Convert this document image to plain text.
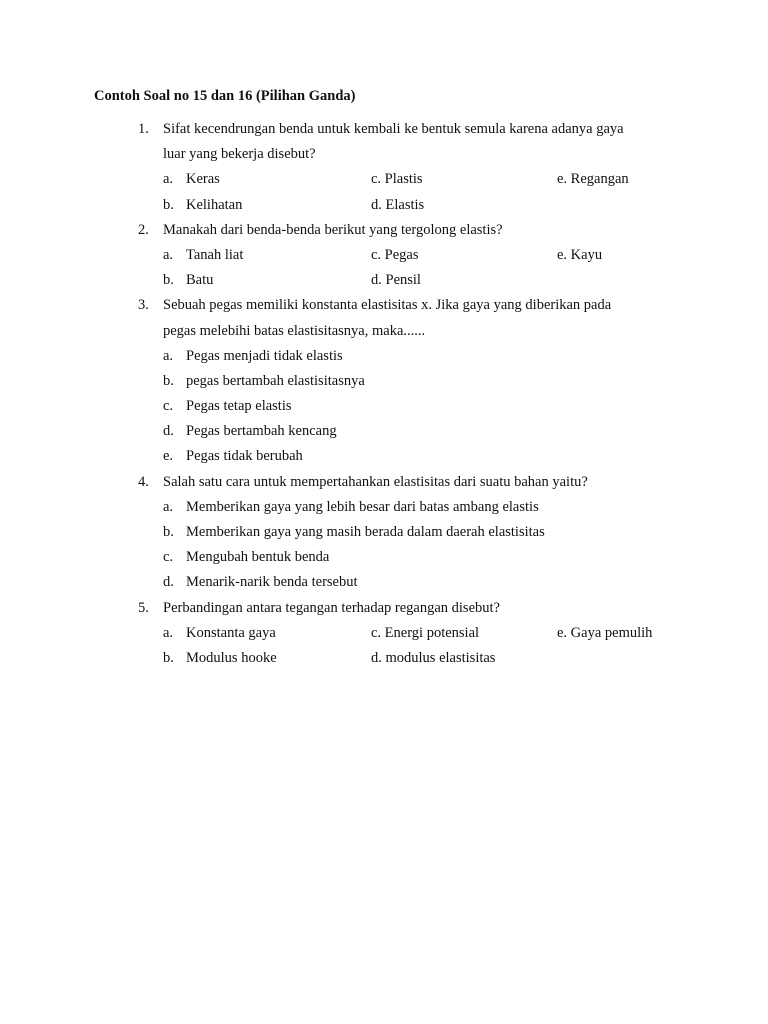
Contoh Soal no 15 dan 16 (Pilihan Ganda)
1. Sifat kecendrungan benda untuk kembali ke bentuk semula karena adanya gaya
luar yang bekerja disebut?
a. Keras	c. Plastis	e. Regangan
b. Kelihatan	d. Elastis
2. Manakah dari benda-benda berikut yang tergolong elastis?
a. Tanah liat	c. Pegas	e. Kayu
b. Batu	d. Pensil
3. Sebuah pegas memiliki konstanta elastisitas x. Jika gaya yang diberikan pada
pegas melebihi batas elastisitasnya, maka......
a. Pegas menjadi tidak elastis
b. pegas bertambah elastisitasnya
c. Pegas tetap elastis
d. Pegas bertambah kencang
e. Pegas tidak berubah
4. Salah satu cara untuk mempertahankan elastisitas dari suatu bahan yaitu?
a. Memberikan gaya yang lebih besar dari batas ambang elastis
b. Memberikan gaya yang masih berada dalam daerah elastisitas
c. Mengubah bentuk benda
d. Menarik-narik benda tersebut
5. Perbandingan antara tegangan terhadap regangan disebut?
a. Konstanta gaya	c. Energi potensial	e. Gaya pemulih
b. Modulus hooke	d. modulus elastisitas
